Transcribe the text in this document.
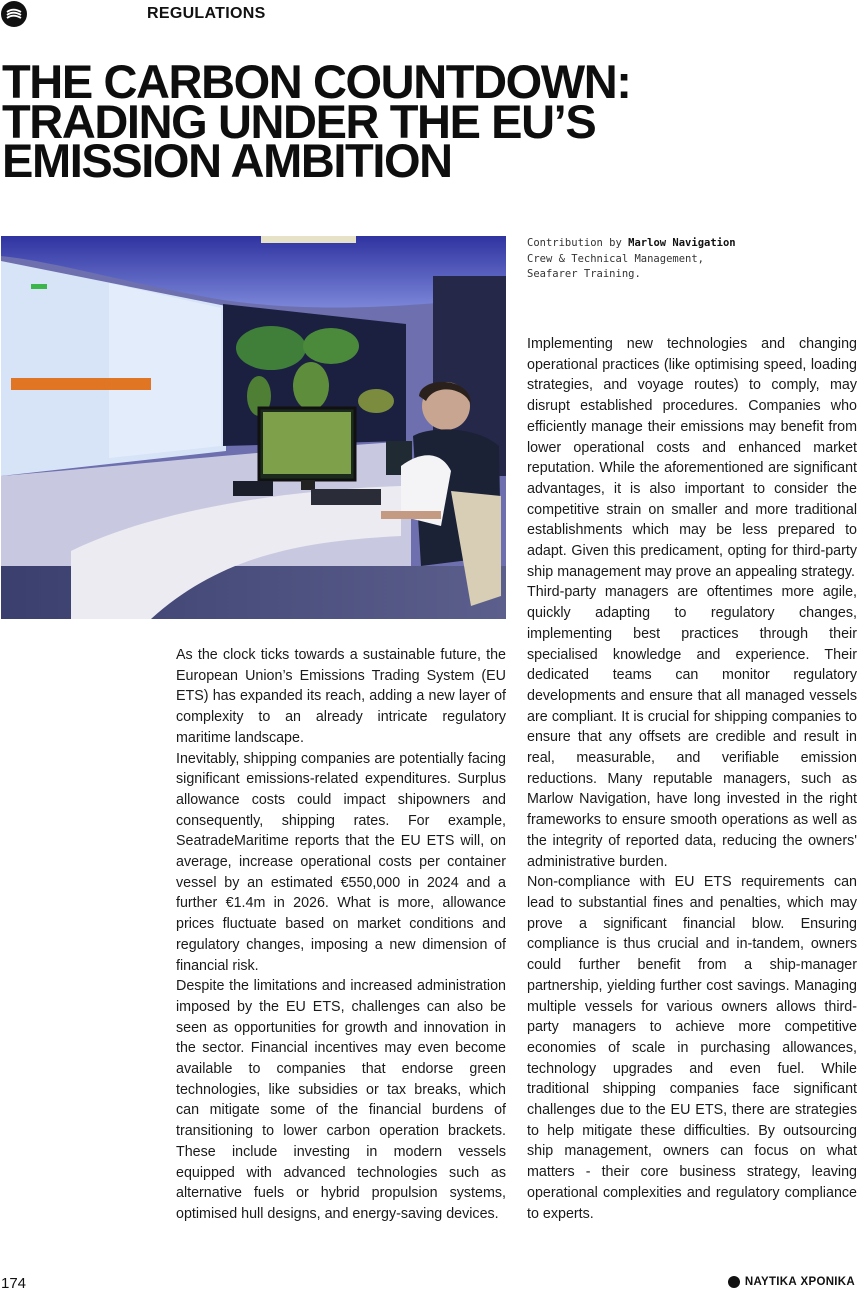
REGULATIONS
THE CARBON COUNTDOWN:
TRADING UNDER THE EU’S
EMISSION AMBITION
Contribution by Marlow Navigation
Crew & Technical Management,
Seafarer Training.

As the clock ticks towards a sustainable future, the European Union’s Emissions Trading System (EU ETS) has expanded its reach, adding a new layer of complexity to an already intricate regulatory maritime landscape.

Inevitably, shipping companies are potentially facing significant emissions-related expenditures. Surplus allowance costs could impact shipowners and consequently, shipping rates. For example, SeatradeMaritime reports that the EU ETS will, on average, increase operational costs per container vessel by an estimated €550,000 in 2024 and a further €1.4m in 2026. What is more, allowance prices fluctuate based on market conditions and regulatory changes, imposing a new dimension of financial risk.

Despite the limitations and increased administration imposed by the EU ETS, challenges can also be seen as opportunities for growth and innovation in the sector. Financial incentives may even become available to companies that endorse green technologies, like subsidies or tax breaks, which can mitigate some of the financial burdens of transitioning to lower carbon operation brackets. These include investing in modern vessels equipped with advanced technologies such as alternative fuels or hybrid propulsion systems, optimised hull designs, and energy-saving devices.

Implementing new technologies and changing operational practices (like optimising speed, loading strategies, and voyage routes) to comply, may disrupt established procedures. Companies who efficiently manage their emissions may benefit from lower operational costs and enhanced market reputation. While the aforementioned are significant advantages, it is also important to consider the competitive strain on smaller and more traditional establishments which may be less prepared to adapt. Given this predicament, opting for third-party ship management may prove an appealing strategy.

Third-party managers are oftentimes more agile, quickly adapting to regulatory changes, implementing best practices through their specialised knowledge and experience. Their dedicated teams can monitor regulatory developments and ensure that all managed vessels are compliant. It is crucial for shipping companies to ensure that any offsets are credible and result in real, measurable, and verifiable emission reductions. Many reputable managers, such as Marlow Navigation, have long invested in the right frameworks to ensure smooth operations as well as the integrity of reported data, reducing the owners' administrative burden.

Non-compliance with EU ETS requirements can lead to substantial fines and penalties, which may prove a significant financial blow. Ensuring compliance is thus crucial and in-tandem, owners could further benefit from a ship-manager partnership, yielding further cost savings. Managing multiple vessels for various owners allows third-party managers to achieve more competitive economies of scale in purchasing allowances, technology upgrades and even fuel. While traditional shipping companies face significant challenges due to the EU ETS, there are strategies to help mitigate these difficulties. By outsourcing ship management, owners can focus on what matters - their core business strategy, leaving operational complexities and regulatory compliance to experts.

174	ΝΑΥΤΙΚΑ ΧΡΟΝΙΚΑ
